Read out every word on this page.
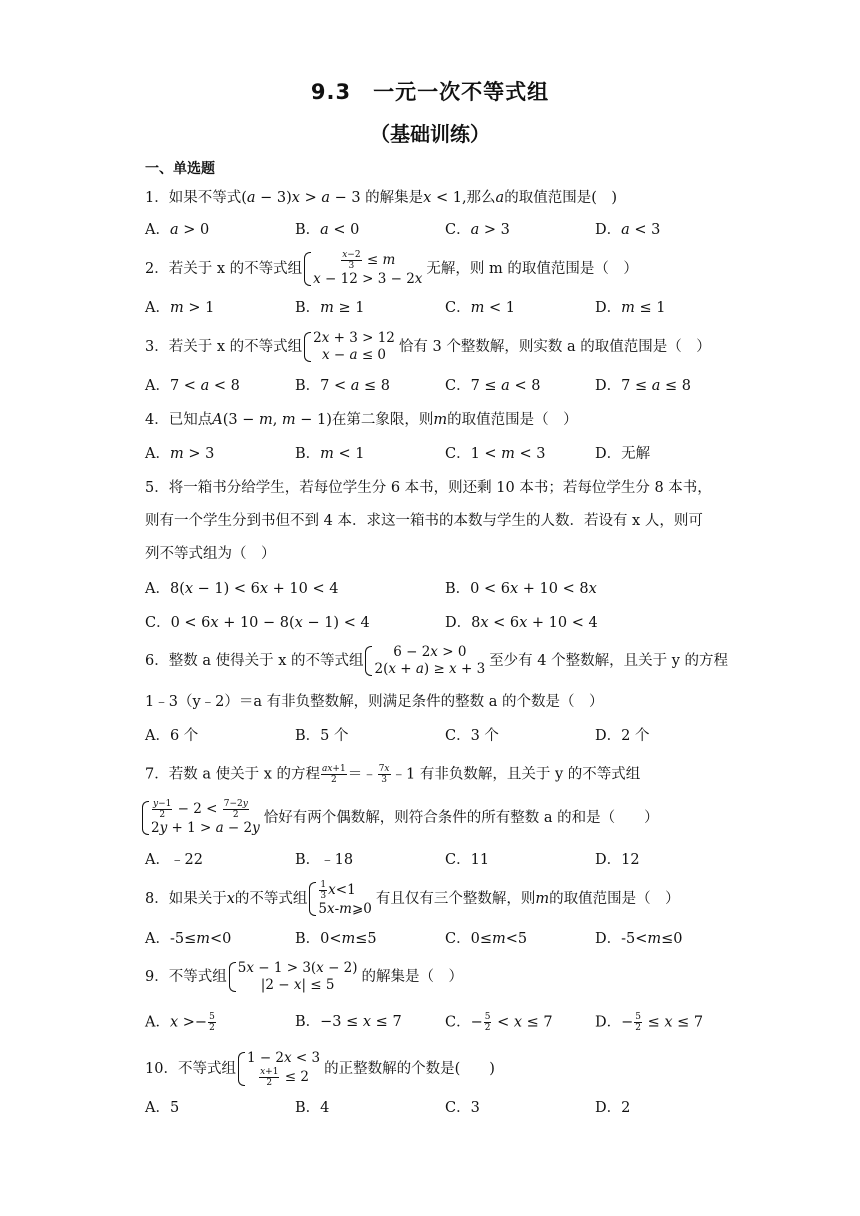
9.3　一元一次不等式组
（基础训练）
一、单选题
1．如果不等式(𝑎 − 3)𝑥 > 𝑎 − 3 的解集是𝑥 < 1,那么𝑎的取值范围是(　)
A．𝑎 > 0	B．𝑎 < 0	C．𝑎 > 3	D．𝑎 < 3
2．若关于 x 的不等式组	$\frac{\text{𝑥−2}}{3}$ ≤ 𝑚
𝑥 − 12 > 3 − 2𝑥
无解，则 m 的取值范围是（　）
A．𝑚 > 1	B．𝑚 ≥ 1	C．𝑚 < 1	D．𝑚 ≤ 1
3．若关于 x 的不等式组
2𝑥 + 3 > 12
𝑥 − 𝑎 ≤ 0 恰有 3 个整数解，则实数 a 的取值范围是（　）
A．7 < 𝑎 < 8	B．7 < 𝑎 ≤ 8	C．7 ≤ 𝑎 < 8	D．7 ≤ 𝑎 ≤ 8
4．已知点𝐴(3 − 𝑚, 𝑚 − 1)在第二象限，则𝑚的取值范围是（　）
A．𝑚 > 3	B．𝑚 < 1	C．1 < 𝑚 < 3	D．无解
5．将一箱书分给学生，若每位学生分 6 本书，则还剩 10 本书；若每位学生分 8 本书，
则有一个学生分到书但不到 4 本．求这一箱书的本数与学生的人数．若设有 x 人，则可
列不等式组为（　）
A．8(𝑥 − 1) < 6𝑥 + 10 < 4	B．0 < 6𝑥 + 10 < 8𝑥
C．0 < 6𝑥 + 10 − 8(𝑥 − 1) < 4	D．8𝑥 < 6𝑥 + 10 < 4
6．整数 a 使得关于 x 的不等式组
6 − 2𝑥 > 0
2(𝑥 + 𝑎) ≥ 𝑥 + 3 至少有 4 个整数解，且关于 y 的方程
1﹣3（y﹣2）＝a 有非负整数解，则满足条件的整数 a 的个数是（　）
A．6 个	B．5 个	C．3 个	D．2 个
7．若数 a 使关于 x 的方程 $\frac{\text{𝑎𝑥+1}}{2}$ ＝﹣ $\frac{\text{7𝑥}}{3}$ ﹣1 有非负数解，且关于 y 的不等式组
$\frac{\text{𝑦−1}}{2} - 2 < \frac{\text{7−2𝑦}}{2}$
2𝑦 + 1 > 𝑎 − 2𝑦
恰好有两个偶数解，则符合条件的所有整数 a 的和是（　　）
A．﹣22	B．﹣18	C．11	D．12
8．如果关于𝑥的不等式组 $\frac{1}{3}$ 𝑥<1
5𝑥-𝑚⩾0
有且仅有三个整数解，则𝑚的取值范围是（　）
A．-5≤𝑚<0	B．0<𝑚≤5	C．0≤𝑚<5	D．-5<𝑚≤0
9．不等式组
5𝑥 − 1 > 3(𝑥 − 2)
|2 − 𝑥| ≤ 5	的解集是（　）
A．𝑥 >− $\frac{5}{2}$	B．−3 ≤ 𝑥 ≤ 7	C．− $\frac{5}{2}$ < 𝑥 ≤ 7	D．− $\frac{5}{2}$ ≤ 𝑥 ≤ 7
10．不等式组
1 − 2𝑥 < 3
$\frac{\text{𝑥+1}}{2} \le 2$	的正整数解的个数是(　　)
A．5	B．4	C．3	D．2
